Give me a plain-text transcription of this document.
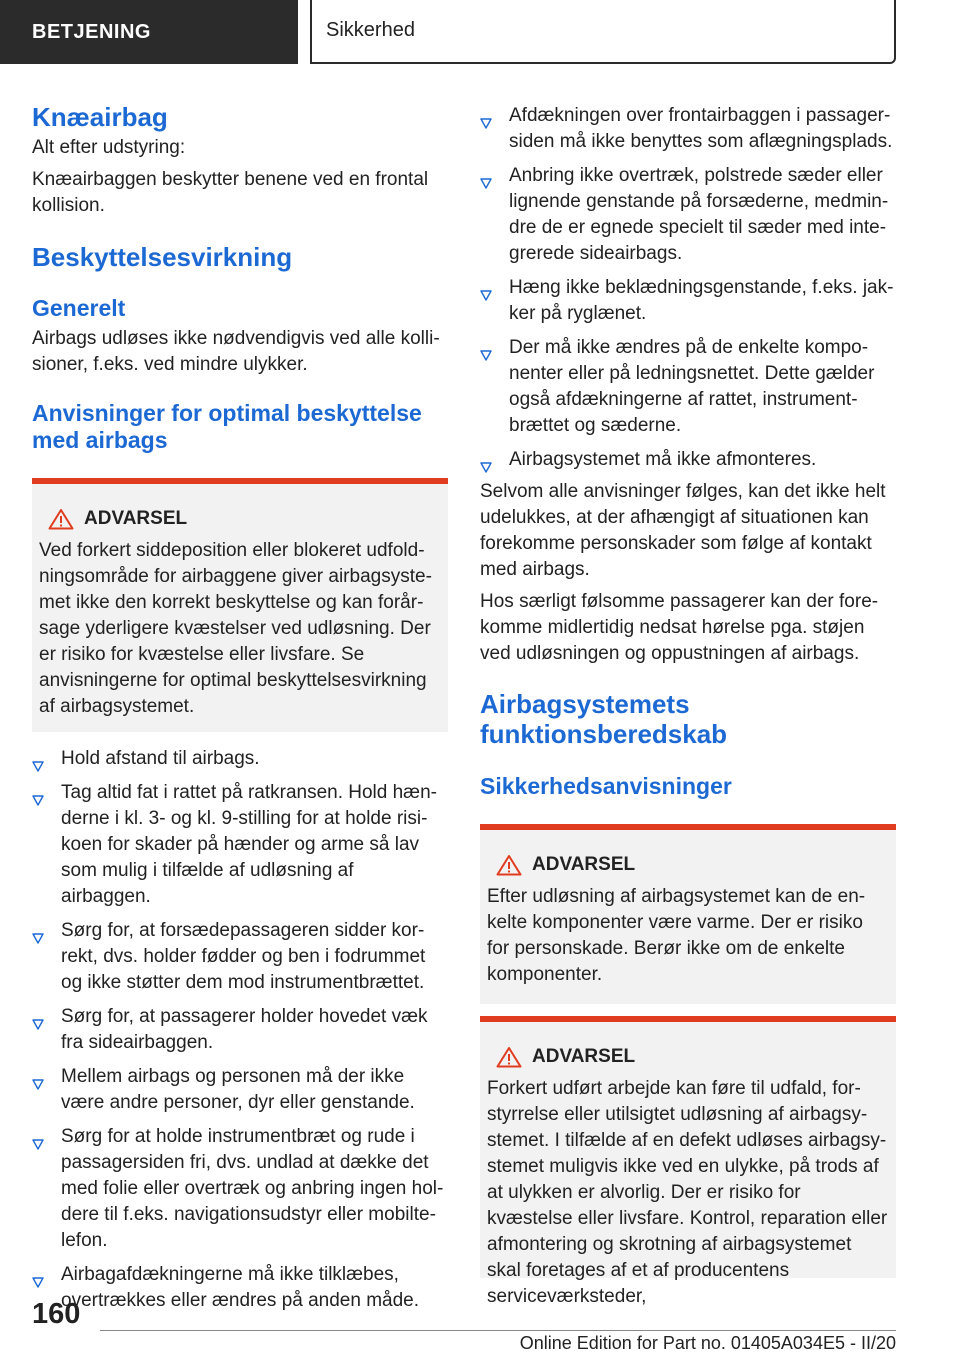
BETJENING	Sikkerhed
Knæairbag

Alt efter udstyring:

Knæairbaggen beskytter benene ved en frontal kollision.

Beskyttelsesvirkning
Generelt

Airbags udløses ikke nødvendigvis ved alle kollisioner, f.eks. ved mindre ulykker.

Anvisninger for optimal beskyttelse med airbags
ADVARSEL

Ved forkert siddeposition eller blokeret udfoldningsområde for airbaggene giver airbagsystemet ikke den korrekt beskyttelse og kan forårsage yderligere kvæstelser ved udløsning. Der er risiko for kvæstelse eller livsfare. Se anvisningerne for optimal beskyttelsesvirkning af airbagsystemet.

Hold afstand til airbags.
Tag altid fat i rattet på ratkransen. Hold hænderne i kl. 3- og kl. 9-stilling for at holde risikoen for skader på hænder og arme så lav som mulig i tilfælde af udløsning af airbaggen.
Sørg for, at forsædepassageren sidder korrekt, dvs. holder fødder og ben i fodrummet og ikke støtter dem mod instrumentbrættet.
Sørg for, at passagerer holder hovedet væk fra sideairbaggen.
Mellem airbags og personen må der ikke være andre personer, dyr eller genstande.
Sørg for at holde instrumentbræt og rude i passagersiden fri, dvs. undlad at dække det med folie eller overtræk og anbring ingen holdere til f.eks. navigationsudstyr eller mobiltelefon.
Airbagafdækningerne må ikke tilklæbes, overtrækkes eller ændres på anden måde.
Afdækningen over frontairbaggen i passagersiden må ikke benyttes som aflægningsplads.
Anbring ikke overtræk, polstrede sæder eller lignende genstande på forsæderne, medmindre de er egnede specielt til sæder med integrerede sideairbags.
Hæng ikke beklædningsgenstande, f.eks. jakker på ryglænet.
Der må ikke ændres på de enkelte komponenter eller på ledningsnettet. Dette gælder også afdækningerne af rattet, instrumentbrættet og sæderne.
Airbagsystemet må ikke afmonteres.

Selvom alle anvisninger følges, kan det ikke helt udelukkes, at der afhængigt af situationen kan forekomme personskader som følge af kontakt med airbags.

Hos særligt følsomme passagerer kan der forekomme midlertidig nedsat hørelse pga. støjen ved udløsningen og oppustningen af airbags.

Airbagsystemets funktionsberedskab
Sikkerhedsanvisninger
ADVARSEL

Efter udløsning af airbagsystemet kan de enkelte komponenter være varme. Der er risiko for personskade. Berør ikke om de enkelte komponenter.

ADVARSEL

Forkert udført arbejde kan føre til udfald, forstyrrelse eller utilsigtet udløsning af airbagsystemet. I tilfælde af en defekt udløses airbagsystemet muligvis ikke ved en ulykke, på trods af at ulykken er alvorlig. Der er risiko for kvæstelse eller livsfare. Kontrol, reparation eller afmontering og skrotning af airbagsystemet skal foretages af et af producentens serviceværksteder,

160
Online Edition for Part no. 01405A034E5 - II/20
